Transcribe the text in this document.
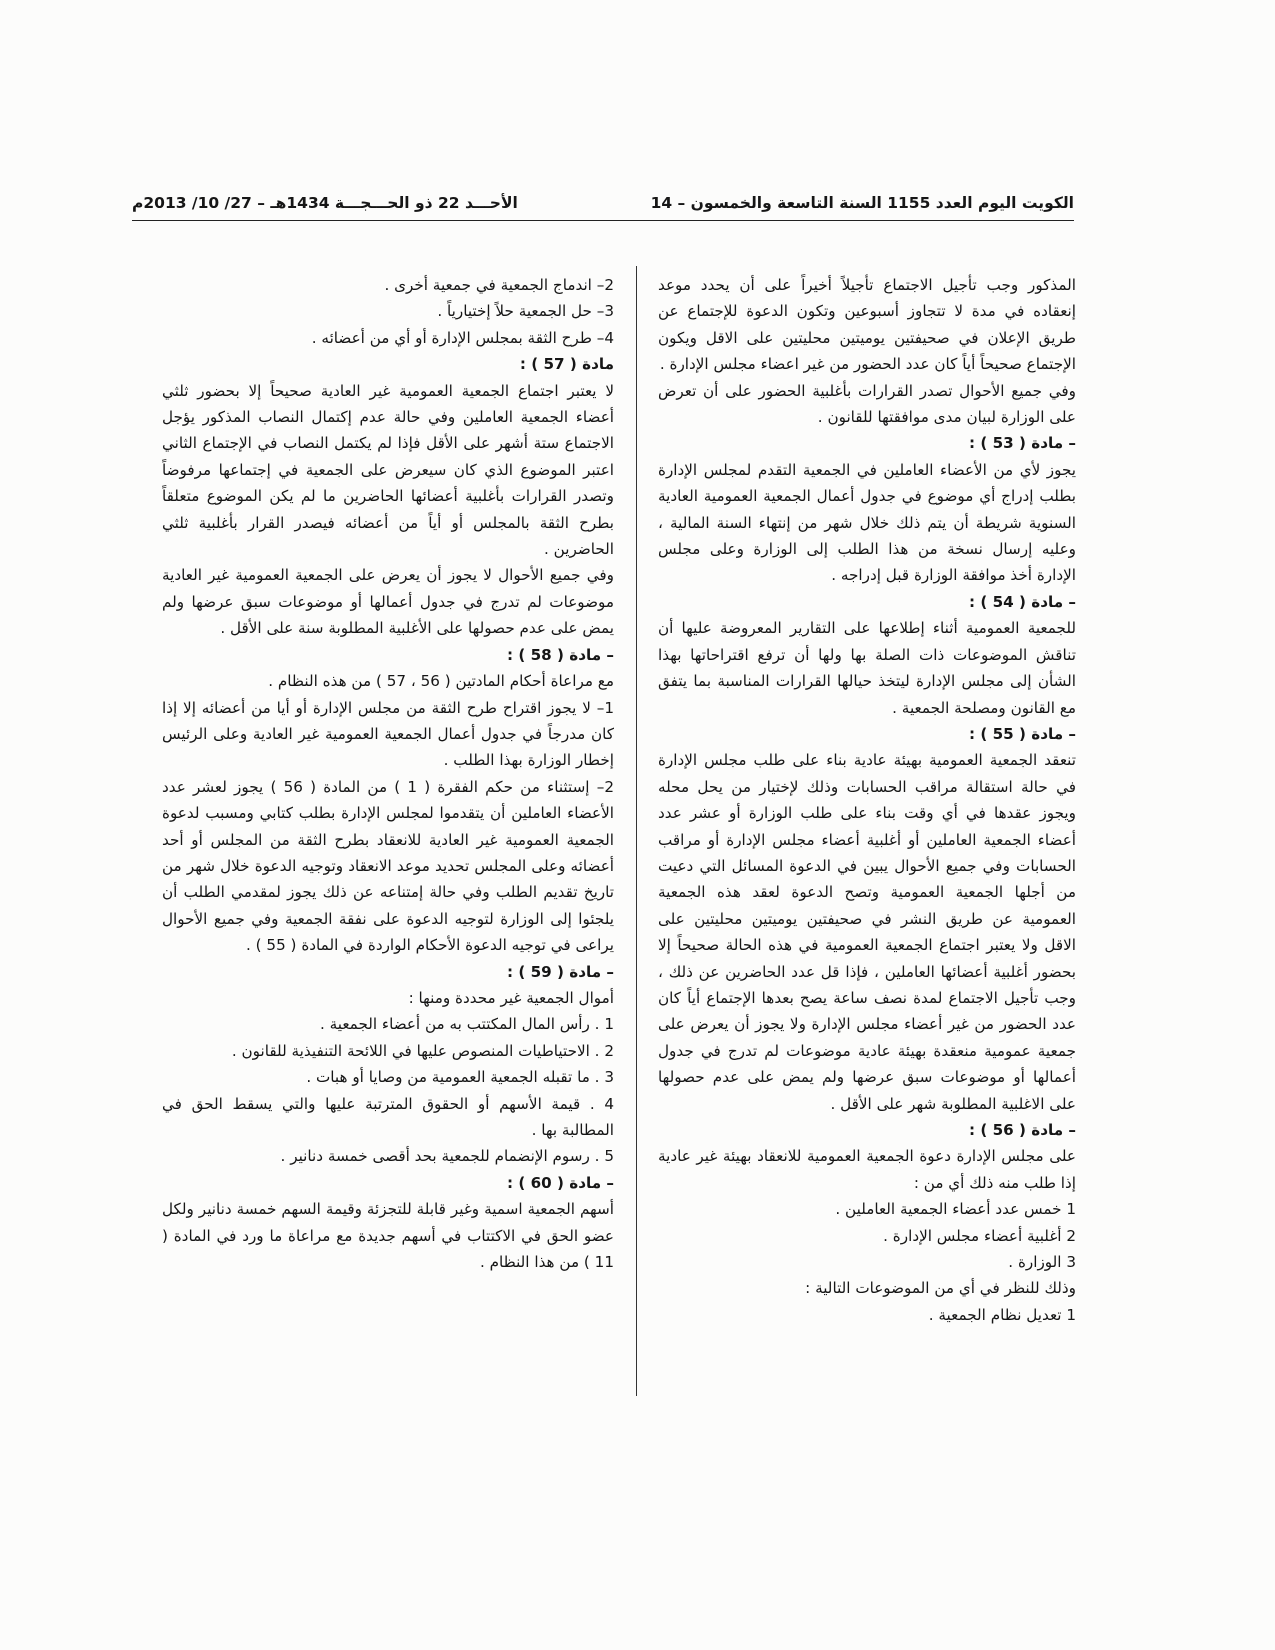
الكويت اليوم العدد 1155 السنة التاسعة والخمسون – 14
الأحـــد 22 ذو الحـــجـــة 1434هـ – 27/ 10/ 2013م

المذكور وجب تأجيل الاجتماع تأجيلاً أخيراً على أن يحدد موعد إنعقاده في مدة لا تتجاوز أسبوعين وتكون الدعوة للإجتماع عن طريق الإعلان في صحيفتين يوميتين محليتين على الاقل ويكون الإجتماع صحيحاً أياً كان عدد الحضور من غير اعضاء مجلس الإدارة .

وفي جميع الأحوال تصدر القرارات بأغلبية الحضور على أن تعرض على الوزارة لبيان مدى موافقتها للقانون .

– مادة ( 53 ) :

يجوز لأي من الأعضاء العاملين في الجمعية التقدم لمجلس الإدارة بطلب إدراج أي موضوع في جدول أعمال الجمعية العمومية العادية السنوية شريطة أن يتم ذلك خلال شهر من إنتهاء السنة المالية ، وعليه إرسال نسخة من هذا الطلب إلى الوزارة وعلى مجلس الإدارة أخذ موافقة الوزارة قبل إدراجه .

– مادة ( 54 ) :

للجمعية العمومية أثناء إطلاعها على التقارير المعروضة عليها أن تناقش الموضوعات ذات الصلة بها ولها أن ترفع اقتراحاتها بهذا الشأن إلى مجلس الإدارة ليتخذ حيالها القرارات المناسبة بما يتفق مع القانون ومصلحة الجمعية .

– مادة ( 55 ) :

تنعقد الجمعية العمومية بهيئة عادية بناء على طلب مجلس الإدارة في حالة استقالة مراقب الحسابات وذلك لإختيار من يحل محله ويجوز عقدها في أي وقت بناء على طلب الوزارة أو عشر عدد أعضاء الجمعية العاملين أو أغلبية أعضاء مجلس الإدارة أو مراقب الحسابات وفي جميع الأحوال يبين في الدعوة المسائل التي دعيت من أجلها الجمعية العمومية وتصح الدعوة لعقد هذه الجمعية العمومية عن طريق النشر في صحيفتين يوميتين محليتين على الاقل ولا يعتبر اجتماع الجمعية العمومية في هذه الحالة صحيحاً إلا بحضور أغلبية أعضائها العاملين ، فإذا قل عدد الحاضرين عن ذلك ، وجب تأجيل الاجتماع لمدة نصف ساعة يصح بعدها الإجتماع أياً كان عدد الحضور من غير أعضاء مجلس الإدارة ولا يجوز أن يعرض على جمعية عمومية منعقدة بهيئة عادية موضوعات لم تدرج في جدول أعمالها أو موضوعات سبق عرضها ولم يمض على عدم حصولها على الاغلبية المطلوبة شهر على الأقل .

– مادة ( 56 ) :

على مجلس الإدارة دعوة الجمعية العمومية للانعقاد بهيئة غير عادية إذا طلب منه ذلك أي من :

1 خمس عدد أعضاء الجمعية العاملين .

2 أغلبية أعضاء مجلس الإدارة .

3 الوزارة .

وذلك للنظر في أي من الموضوعات التالية :

1 تعديل نظام الجمعية .

2– اندماج الجمعية في جمعية أخرى .

3– حل الجمعية حلاً إختيارياً .

4– طرح الثقة بمجلس الإدارة أو أي من أعضائه .

مادة ( 57 ) :

لا يعتبر اجتماع الجمعية العمومية غير العادية صحيحاً إلا بحضور ثلثي أعضاء الجمعية العاملين وفي حالة عدم إكتمال النصاب المذكور يؤجل الاجتماع ستة أشهر على الأقل فإذا لم يكتمل النصاب في الإجتماع الثاني اعتبر الموضوع الذي كان سيعرض على الجمعية في إجتماعها مرفوضاً وتصدر القرارات بأغلبية أعضائها الحاضرين ما لم يكن الموضوع متعلقاً بطرح الثقة بالمجلس أو أياً من أعضائه فيصدر القرار بأغلبية ثلثي الحاضرين .

وفي جميع الأحوال لا يجوز أن يعرض على الجمعية العمومية غير العادية موضوعات لم تدرج في جدول أعمالها أو موضوعات سبق عرضها ولم يمض على عدم حصولها على الأغلبية المطلوبة سنة على الأقل .

– مادة ( 58 ) :

مع مراعاة أحكام المادتين ( 56 ، 57 ) من هذه النظام .

1– لا يجوز اقتراح طرح الثقة من مجلس الإدارة أو أيا من أعضائه إلا إذا كان مدرجاً في جدول أعمال الجمعية العمومية غير العادية وعلى الرئيس إخطار الوزارة بهذا الطلب .

2– إستثناء من حكم الفقرة ( 1 ) من المادة ( 56 ) يجوز لعشر عدد الأعضاء العاملين أن يتقدموا لمجلس الإدارة بطلب كتابي ومسبب لدعوة الجمعية العمومية غير العادية للانعقاد بطرح الثقة من المجلس أو أحد أعضائه وعلى المجلس تحديد موعد الانعقاد وتوجيه الدعوة خلال شهر من تاريخ تقديم الطلب وفي حالة إمتناعه عن ذلك يجوز لمقدمي الطلب أن يلجئوا إلى الوزارة لتوجيه الدعوة على نفقة الجمعية وفي جميع الأحوال يراعى في توجيه الدعوة الأحكام الواردة في المادة ( 55 ) .

– مادة ( 59 ) :

أموال الجمعية غير محددة ومنها :

1 . رأس المال المكتتب به من أعضاء الجمعية .

2 . الاحتياطيات المنصوص عليها في اللائحة التنفيذية للقانون .

3 . ما تقبله الجمعية العمومية من وصايا أو هبات .

4 . قيمة الأسهم أو الحقوق المترتبة عليها والتي يسقط الحق في المطالبة بها .

5 . رسوم الإنضمام للجمعية بحد أقصى خمسة دنانير .

– مادة ( 60 ) :

أسهم الجمعية اسمية وغير قابلة للتجزئة وقيمة السهم خمسة دنانير ولكل عضو الحق في الاكتتاب في أسهم جديدة مع مراعاة ما ورد في المادة ( 11 ) من هذا النظام .
